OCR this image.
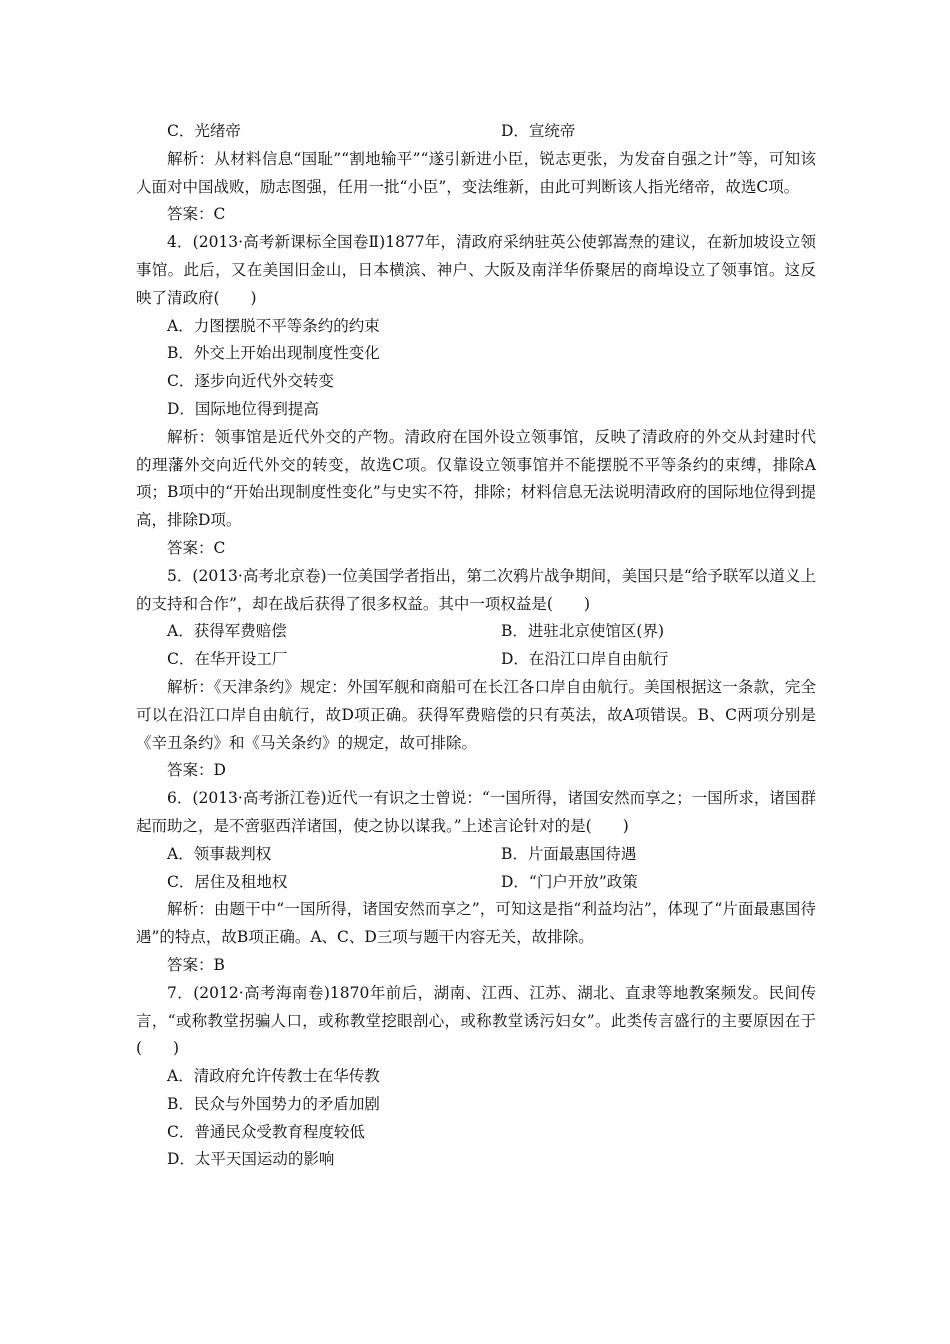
C．光绪帝	D．宣统帝
解析：从材料信息“国耻”“割地输平”“遂引新进小臣，锐志更张，为发奋自强之计”等，可知该人面对中国战败，励志图强，任用一批“小臣”，变法维新，由此可判断该人指光绪帝，故选C项。
答案：C
4．(2013·高考新课标全国卷Ⅱ)1877年，清政府采纳驻英公使郭嵩焘的建议，在新加坡设立领事馆。此后，又在美国旧金山，日本横滨、神户、大阪及南洋华侨聚居的商埠设立了领事馆。这反映了清政府(　　)
A．力图摆脱不平等条约的约束
B．外交上开始出现制度性变化
C．逐步向近代外交转变
D．国际地位得到提高
解析：领事馆是近代外交的产物。清政府在国外设立领事馆，反映了清政府的外交从封建时代的理藩外交向近代外交的转变，故选C项。仅靠设立领事馆并不能摆脱不平等条约的束缚，排除A项；B项中的“开始出现制度性变化”与史实不符，排除；材料信息无法说明清政府的国际地位得到提高，排除D项。
答案：C
5．(2013·高考北京卷)一位美国学者指出，第二次鸦片战争期间，美国只是“给予联军以道义上的支持和合作”，却在战后获得了很多权益。其中一项权益是(　　)
A．获得军费赔偿	B．进驻北京使馆区(界)
C．在华开设工厂	D．在沿江口岸自由航行
解析：《天津条约》规定：外国军舰和商船可在长江各口岸自由航行。美国根据这一条款，完全可以在沿江口岸自由航行，故D项正确。获得军费赔偿的只有英法，故A项错误。B、C两项分别是《辛丑条约》和《马关条约》的规定，故可排除。
答案：D
6．(2013·高考浙江卷)近代一有识之士曾说：“一国所得，诸国安然而享之；一国所求，诸国群起而助之，是不啻驱西洋诸国，使之协以谋我。”上述言论针对的是(　　)
A．领事裁判权	B．片面最惠国待遇
C．居住及租地权	D．“门户开放”政策
解析：由题干中“一国所得，诸国安然而享之”，可知这是指“利益均沾”，体现了“片面最惠国待遇”的特点，故B项正确。A、C、D三项与题干内容无关，故排除。
答案：B
7．(2012·高考海南卷)1870年前后，湖南、江西、江苏、湖北、直隶等地教案频发。民间传言，“或称教堂拐骗人口，或称教堂挖眼剖心，或称教堂诱污妇女”。此类传言盛行的主要原因在于(　　)
A．清政府允许传教士在华传教
B．民众与外国势力的矛盾加剧
C．普通民众受教育程度较低
D．太平天国运动的影响
